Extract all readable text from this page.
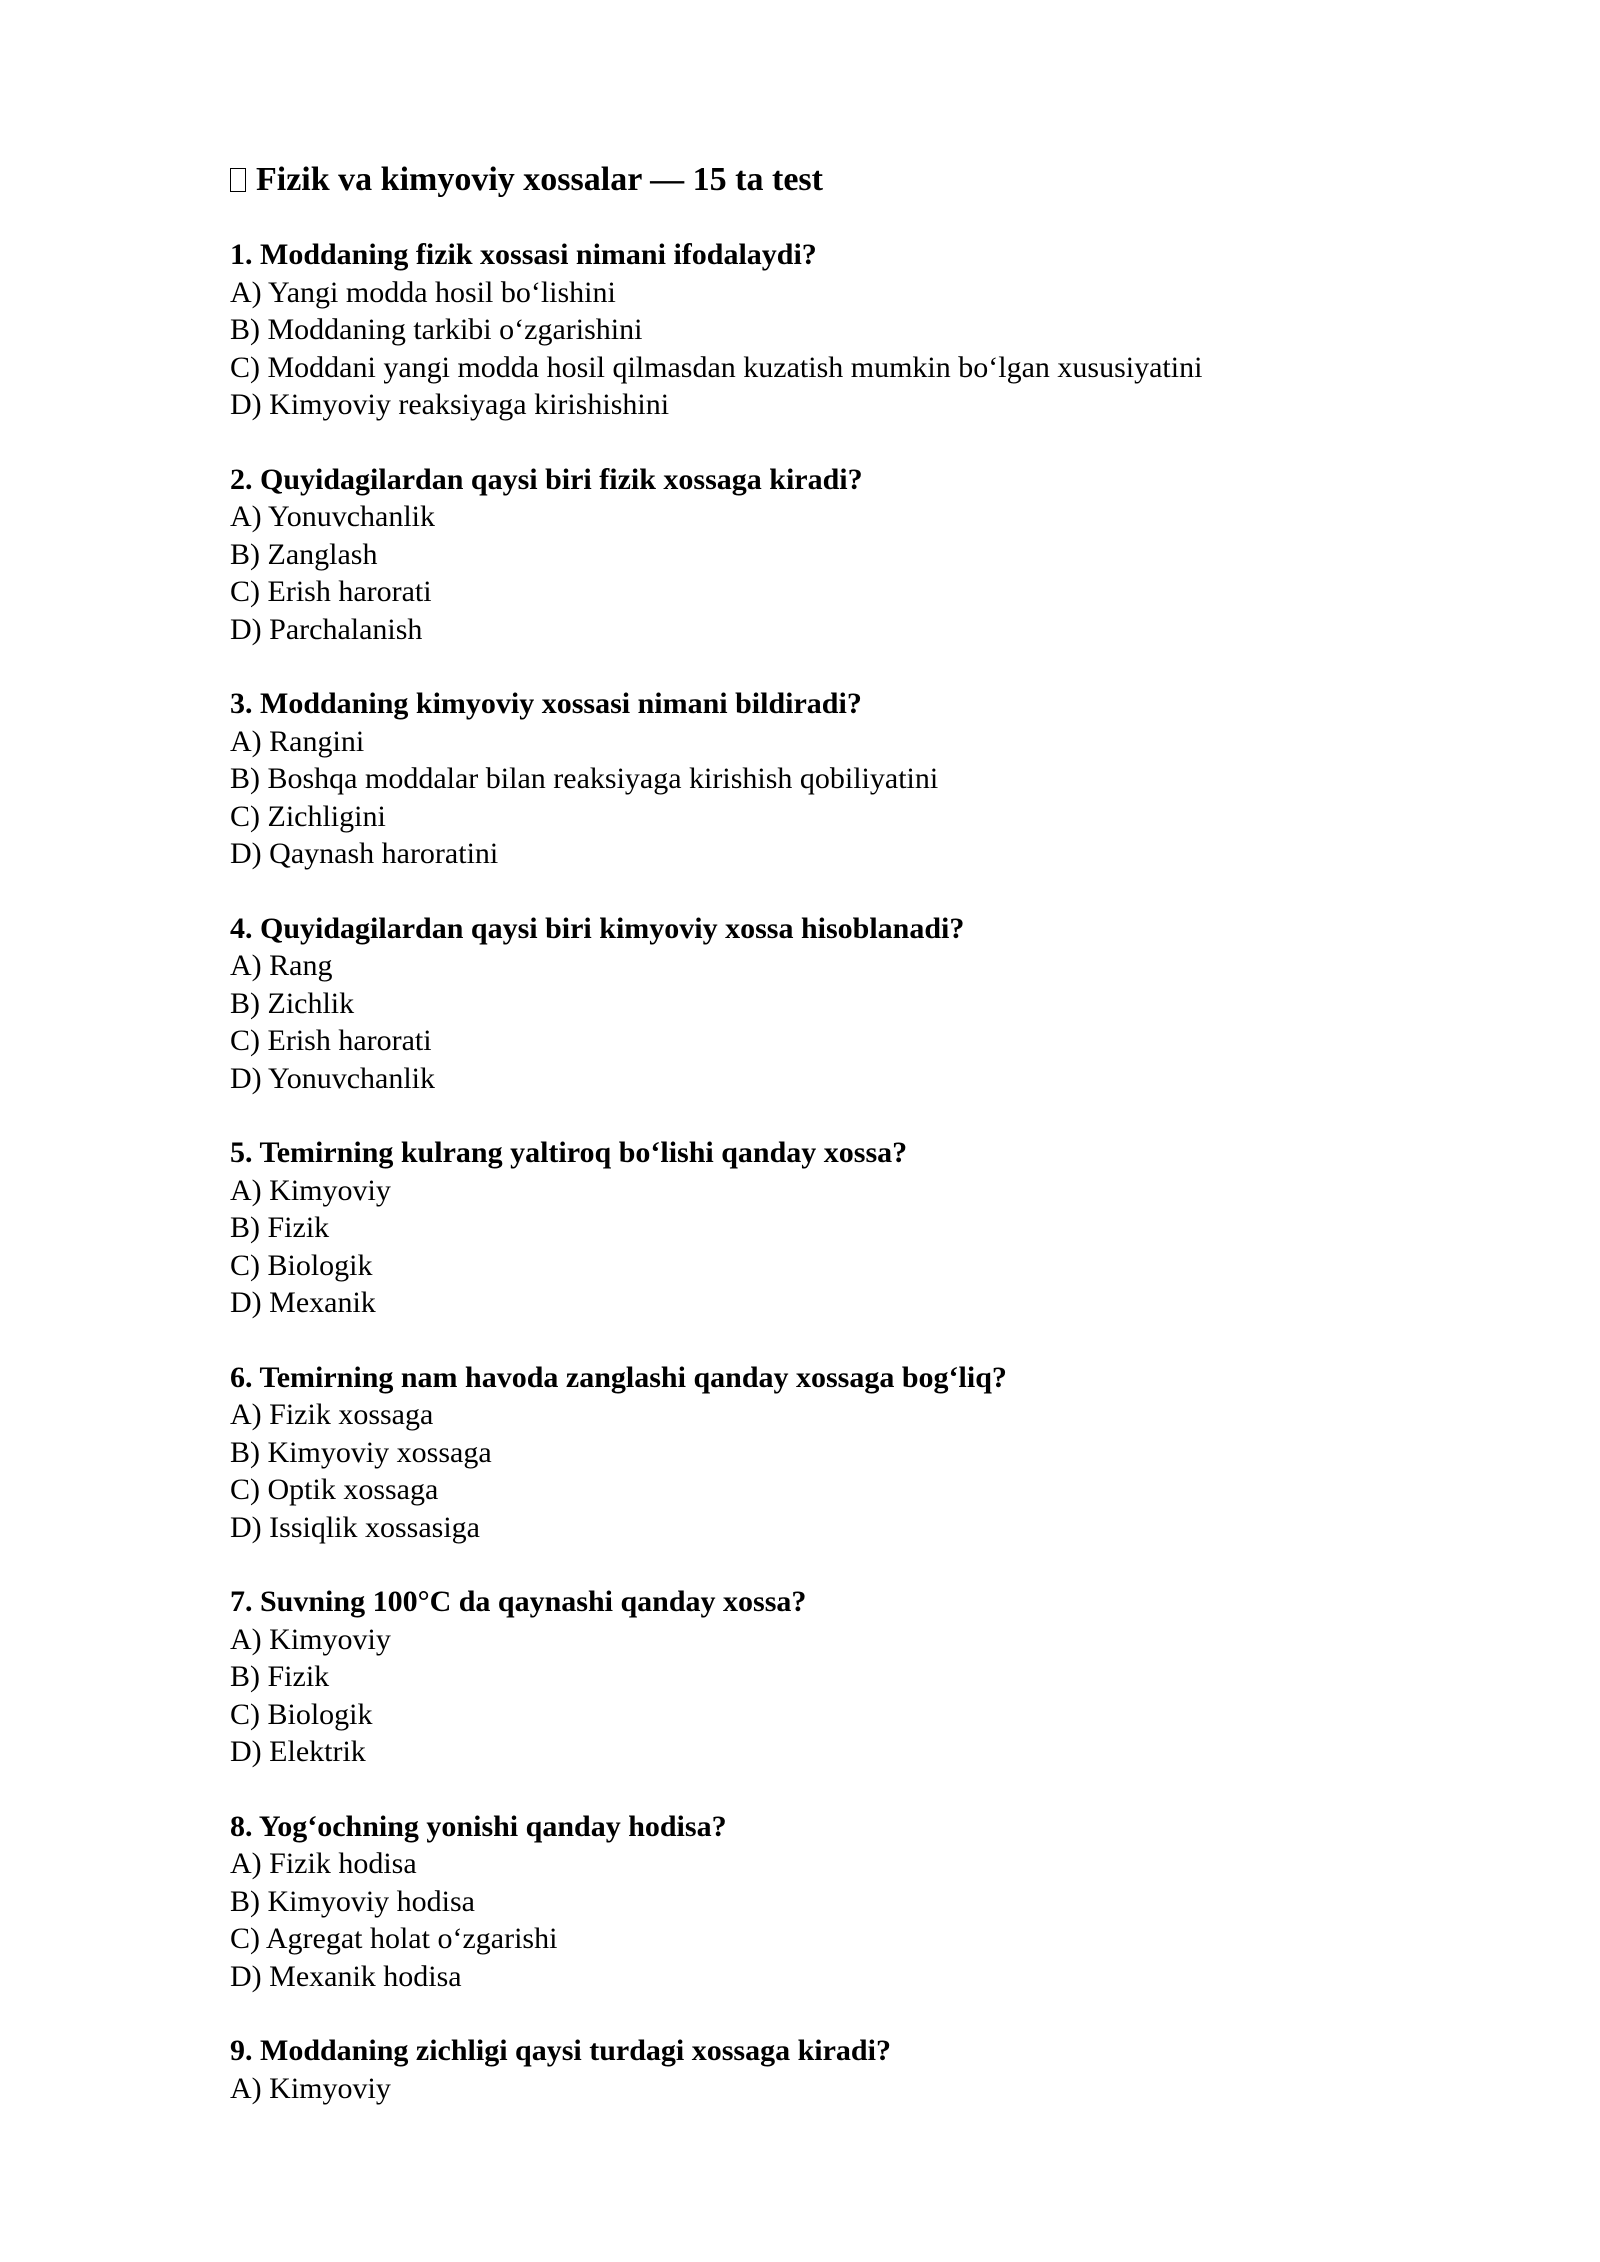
Fizik va kimyoviy xossalar — 15 ta test
1. Moddaning fizik xossasi nimani ifodalaydi?
A) Yangi modda hosil bo‘lishini
B) Moddaning tarkibi o‘zgarishini
C) Moddani yangi modda hosil qilmasdan kuzatish mumkin bo‘lgan xususiyatini
D) Kimyoviy reaksiyaga kirishishini
2. Quyidagilardan qaysi biri fizik xossaga kiradi?
A) Yonuvchanlik
B) Zanglash
C) Erish harorati
D) Parchalanish
3. Moddaning kimyoviy xossasi nimani bildiradi?
A) Rangini
B) Boshqa moddalar bilan reaksiyaga kirishish qobiliyatini
C) Zichligini
D) Qaynash haroratini
4. Quyidagilardan qaysi biri kimyoviy xossa hisoblanadi?
A) Rang
B) Zichlik
C) Erish harorati
D) Yonuvchanlik
5. Temirning kulrang yaltiroq bo‘lishi qanday xossa?
A) Kimyoviy
B) Fizik
C) Biologik
D) Mexanik
6. Temirning nam havoda zanglashi qanday xossaga bog‘liq?
A) Fizik xossaga
B) Kimyoviy xossaga
C) Optik xossaga
D) Issiqlik xossasiga
7. Suvning 100°C da qaynashi qanday xossa?
A) Kimyoviy
B) Fizik
C) Biologik
D) Elektrik
8. Yog‘ochning yonishi qanday hodisa?
A) Fizik hodisa
B) Kimyoviy hodisa
C) Agregat holat o‘zgarishi
D) Mexanik hodisa
9. Moddaning zichligi qaysi turdagi xossaga kiradi?
A) Kimyoviy
